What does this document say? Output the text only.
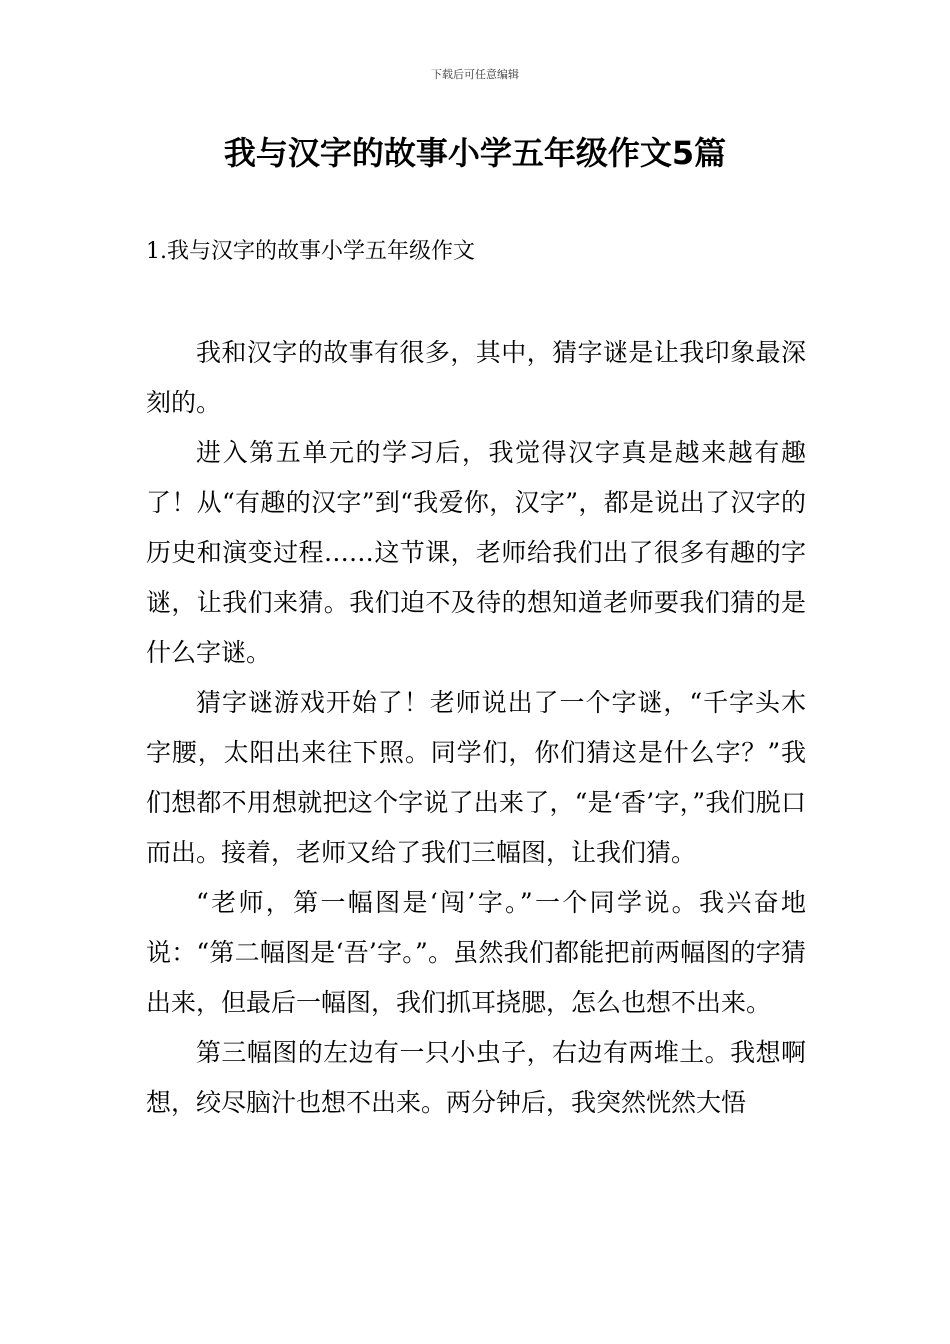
下载后可任意编辑
我与汉字的故事小学五年级作文5篇
1.我与汉字的故事小学五年级作文

我和汉字的故事有很多，其中，猜字谜是让我印象最深刻的。

进入第五单元的学习后，我觉得汉字真是越来越有趣了！从“有趣的汉字”到“我爱你，汉字”，都是说出了汉字的历史和演变过程……这节课，老师给我们出了很多有趣的字谜，让我们来猜。我们迫不及待的想知道老师要我们猜的是什么字谜。

猜字谜游戏开始了！老师说出了一个字谜，“千字头木字腰，太阳出来往下照。同学们，你们猜这是什么字？”我们想都不用想就把这个字说了出来了，“是‘香’字，”我们脱口而出。接着，老师又给了我们三幅图，让我们猜。

“老师，第一幅图是‘闯’字。”一个同学说。我兴奋地说：“第二幅图是‘吾’字。”。虽然我们都能把前两幅图的字猜出来，但最后一幅图，我们抓耳挠腮，怎么也想不出来。

第三幅图的左边有一只小虫子，右边有两堆土。我想啊想，绞尽脑汁也想不出来。两分钟后，我突然恍然大悟
